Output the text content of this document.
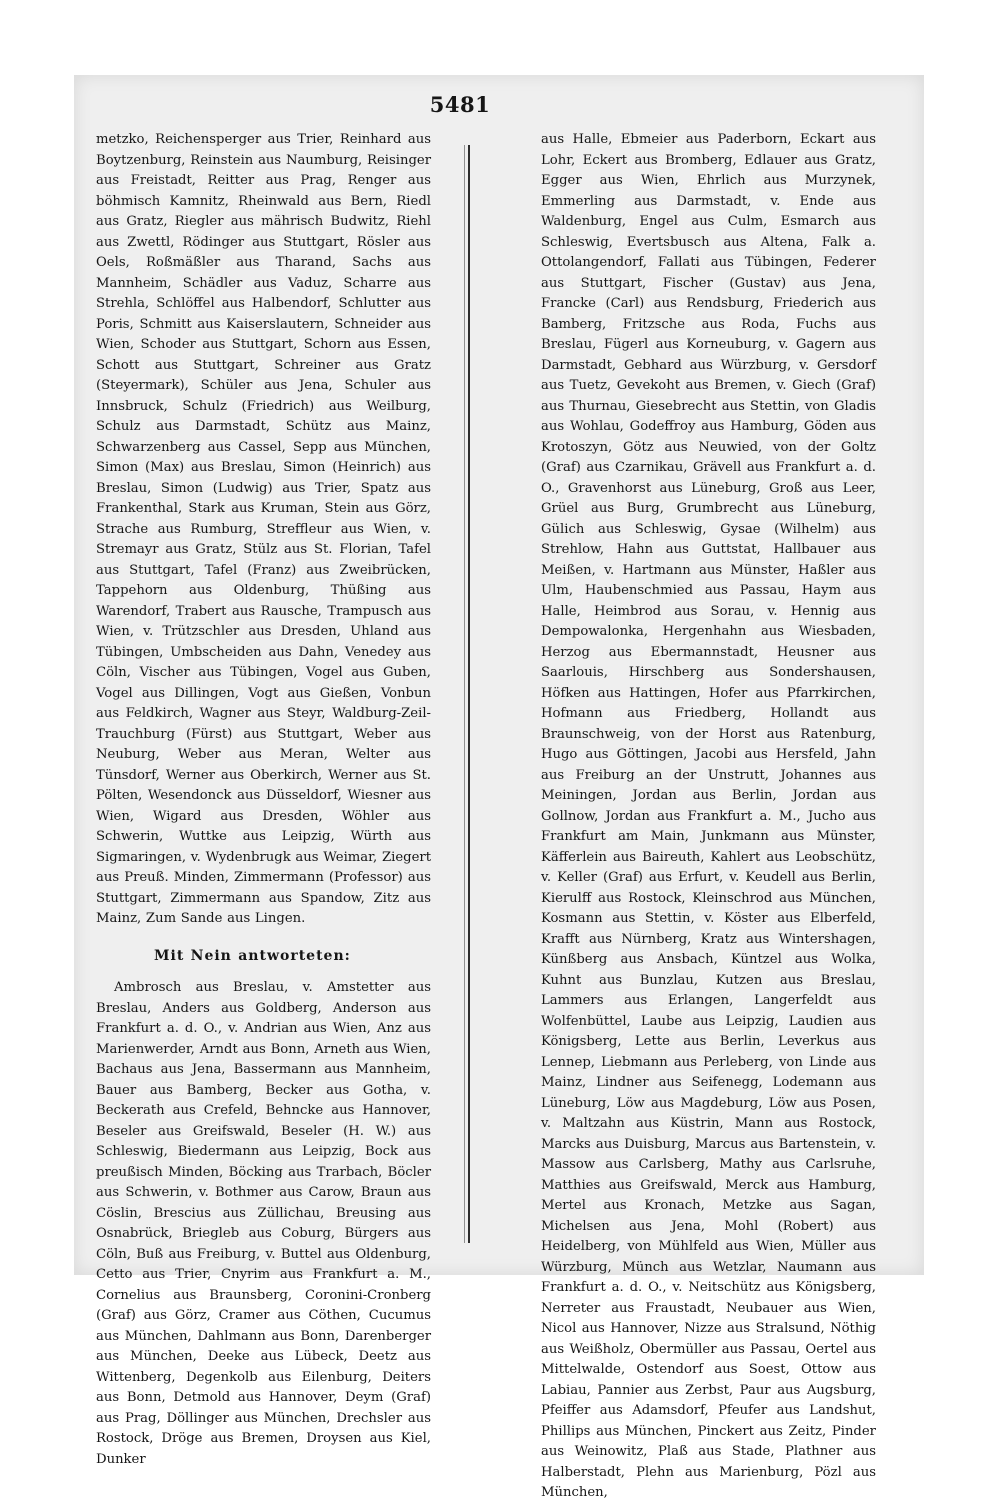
5481

metzko, Reichensperger aus Trier, Reinhard aus Boytzenburg, Reinstein aus Naumburg, Reisinger aus Freistadt, Reitter aus Prag, Renger aus böhmisch Kamnitz, Rheinwald aus Bern, Riedl aus Gratz, Riegler aus mährisch Budwitz, Riehl aus Zwettl, Rödinger aus Stuttgart, Rösler aus Oels, Roßmäßler aus Tharand, Sachs aus Mannheim, Schädler aus Vaduz, Scharre aus Strehla, Schlöffel aus Halbendorf, Schlutter aus Poris, Schmitt aus Kaiserslautern, Schneider aus Wien, Schoder aus Stuttgart, Schorn aus Essen, Schott aus Stuttgart, Schreiner aus Gratz (Steyermark), Schüler aus Jena, Schuler aus Innsbruck, Schulz (Friedrich) aus Weilburg, Schulz aus Darmstadt, Schütz aus Mainz, Schwarzenberg aus Cassel, Sepp aus München, Simon (Max) aus Breslau, Simon (Heinrich) aus Breslau, Simon (Ludwig) aus Trier, Spatz aus Frankenthal, Stark aus Kruman, Stein aus Görz, Strache aus Rumburg, Streffleur aus Wien, v. Stremayr aus Gratz, Stülz aus St. Florian, Tafel aus Stuttgart, Tafel (Franz) aus Zweibrücken, Tappehorn aus Oldenburg, Thüßing aus Warendorf, Trabert aus Rausche, Trampusch aus Wien, v. Trützschler aus Dresden, Uhland aus Tübingen, Umbscheiden aus Dahn, Venedey aus Cöln, Vischer aus Tübingen, Vogel aus Guben, Vogel aus Dillingen, Vogt aus Gießen, Vonbun aus Feldkirch, Wagner aus Steyr, Waldburg-Zeil-Trauchburg (Fürst) aus Stuttgart, Weber aus Neuburg, Weber aus Meran, Welter aus Tünsdorf, Werner aus Oberkirch, Werner aus St. Pölten, Wesendonck aus Düsseldorf, Wiesner aus Wien, Wigard aus Dresden, Wöhler aus Schwerin, Wuttke aus Leipzig, Würth aus Sigmaringen, v. Wydenbrugk aus Weimar, Ziegert aus Preuß. Minden, Zimmermann (Professor) aus Stuttgart, Zimmermann aus Spandow, Zitz aus Mainz, Zum Sande aus Lingen.

Mit Nein antworteten:

Ambrosch aus Breslau, v. Amstetter aus Breslau, Anders aus Goldberg, Anderson aus Frankfurt a. d. O., v. Andrian aus Wien, Anz aus Marienwerder, Arndt aus Bonn, Arneth aus Wien, Bachaus aus Jena, Bassermann aus Mannheim, Bauer aus Bamberg, Becker aus Gotha, v. Beckerath aus Crefeld, Behncke aus Hannover, Beseler aus Greifswald, Beseler (H. W.) aus Schleswig, Biedermann aus Leipzig, Bock aus preußisch Minden, Böcking aus Trarbach, Böcler aus Schwerin, v. Bothmer aus Carow, Braun aus Cöslin, Brescius aus Züllichau, Breusing aus Osnabrück, Briegleb aus Coburg, Bürgers aus Cöln, Buß aus Freiburg, v. Buttel aus Oldenburg, Cetto aus Trier, Cnyrim aus Frankfurt a. M., Cornelius aus Braunsberg, Coronini-Cronberg (Graf) aus Görz, Cramer aus Cöthen, Cucumus aus München, Dahlmann aus Bonn, Darenberger aus München, Deeke aus Lübeck, Deetz aus Wittenberg, Degenkolb aus Eilenburg, Deiters aus Bonn, Detmold aus Hannover, Deym (Graf) aus Prag, Döllinger aus München, Drechsler aus Rostock, Dröge aus Bremen, Droysen aus Kiel, Dunker

aus Halle, Ebmeier aus Paderborn, Eckart aus Lohr, Eckert aus Bromberg, Edlauer aus Gratz, Egger aus Wien, Ehrlich aus Murzynek, Emmerling aus Darmstadt, v. Ende aus Waldenburg, Engel aus Culm, Esmarch aus Schleswig, Evertsbusch aus Altena, Falk a. Ottolangendorf, Fallati aus Tübingen, Federer aus Stuttgart, Fischer (Gustav) aus Jena, Francke (Carl) aus Rendsburg, Friederich aus Bamberg, Fritzsche aus Roda, Fuchs aus Breslau, Fügerl aus Korneuburg, v. Gagern aus Darmstadt, Gebhard aus Würzburg, v. Gersdorf aus Tuetz, Gevekoht aus Bremen, v. Giech (Graf) aus Thurnau, Giesebrecht aus Stettin, von Gladis aus Wohlau, Godeffroy aus Hamburg, Göden aus Krotoszyn, Götz aus Neuwied, von der Goltz (Graf) aus Czarnikau, Grävell aus Frankfurt a. d. O., Gravenhorst aus Lüneburg, Groß aus Leer, Grüel aus Burg, Grumbrecht aus Lüneburg, Gülich aus Schleswig, Gysae (Wilhelm) aus Strehlow, Hahn aus Guttstat, Hallbauer aus Meißen, v. Hartmann aus Münster, Haßler aus Ulm, Haubenschmied aus Passau, Haym aus Halle, Heimbrod aus Sorau, v. Hennig aus Dempowalonka, Hergenhahn aus Wiesbaden, Herzog aus Ebermannstadt, Heusner aus Saarlouis, Hirschberg aus Sondershausen, Höfken aus Hattingen, Hofer aus Pfarrkirchen, Hofmann aus Friedberg, Hollandt aus Braunschweig, von der Horst aus Ratenburg, Hugo aus Göttingen, Jacobi aus Hersfeld, Jahn aus Freiburg an der Unstrutt, Johannes aus Meiningen, Jordan aus Berlin, Jordan aus Gollnow, Jordan aus Frankfurt a. M., Jucho aus Frankfurt am Main, Junkmann aus Münster, Käfferlein aus Baireuth, Kahlert aus Leobschütz, v. Keller (Graf) aus Erfurt, v. Keudell aus Berlin, Kierulff aus Rostock, Kleinschrod aus München, Kosmann aus Stettin, v. Köster aus Elberfeld, Krafft aus Nürnberg, Kratz aus Wintershagen, Künßberg aus Ansbach, Küntzel aus Wolka, Kuhnt aus Bunzlau, Kutzen aus Breslau, Lammers aus Erlangen, Langerfeldt aus Wolfenbüttel, Laube aus Leipzig, Laudien aus Königsberg, Lette aus Berlin, Leverkus aus Lennep, Liebmann aus Perleberg, von Linde aus Mainz, Lindner aus Seifenegg, Lodemann aus Lüneburg, Löw aus Magdeburg, Löw aus Posen, v. Maltzahn aus Küstrin, Mann aus Rostock, Marcks aus Duisburg, Marcus aus Bartenstein, v. Massow aus Carlsberg, Mathy aus Carlsruhe, Matthies aus Greifswald, Merck aus Hamburg, Mertel aus Kronach, Metzke aus Sagan, Michelsen aus Jena, Mohl (Robert) aus Heidelberg, von Mühlfeld aus Wien, Müller aus Würzburg, Münch aus Wetzlar, Naumann aus Frankfurt a. d. O., v. Neitschütz aus Königsberg, Nerreter aus Fraustadt, Neubauer aus Wien, Nicol aus Hannover, Nizze aus Stralsund, Nöthig aus Weißholz, Obermüller aus Passau, Oertel aus Mittelwalde, Ostendorf aus Soest, Ottow aus Labiau, Pannier aus Zerbst, Paur aus Augsburg, Pfeiffer aus Adamsdorf, Pfeufer aus Landshut, Phillips aus München, Pinckert aus Zeitz, Pinder aus Weinowitz, Plaß aus Stade, Plathner aus Halberstadt, Plehn aus Marienburg, Pözl aus München,
